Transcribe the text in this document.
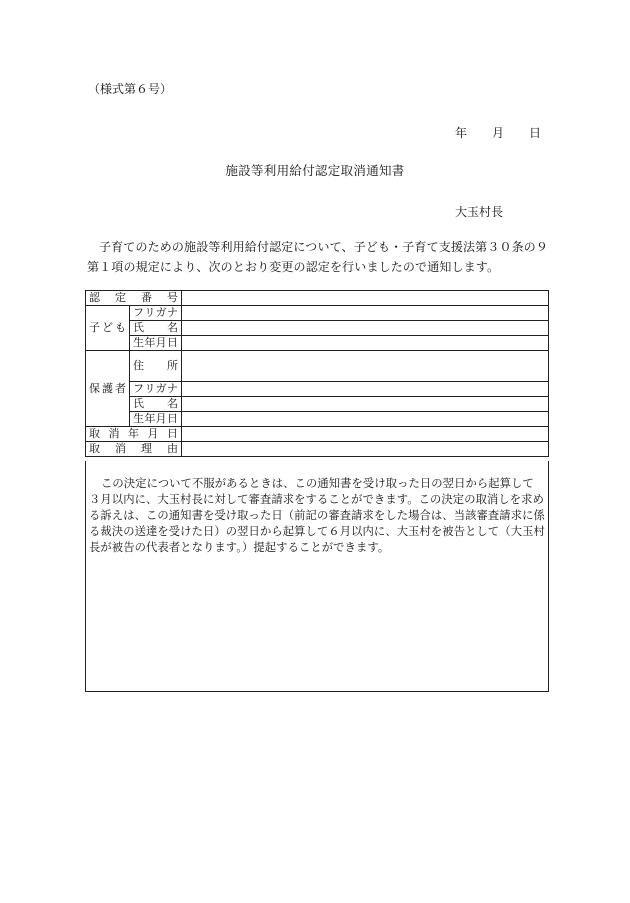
（様式第６号）
年 月 日
施設等利用給付認定取消通知書
大玉村長
子育てのための施設等利用給付認定について、子ども・子育て支援法第３０条の９第１項の規定により、次のとおり変更の認定を行いましたので通知します。
認 定 番 号		

子 ど も	フ リ ガ ナ	

	氏 名	

	生 年 月 日	

保 護 者	住 所	

	フ リ ガ ナ	

	氏 名	

	生 年 月 日	

取 消 年 月 日		

取 消 理 由		

この決定について不服があるときは、この通知書を受け取った日の翌日から起算して３月以内に、大玉村長に対して審査請求をすることができます。この決定の取消しを求める訴えは、この通知書を受け取った日（前記の審査請求をした場合は、当該審査請求に係る裁決の送達を受けた日）の翌日から起算して６月以内に、大玉村を被告として（大玉村長が被告の代表者となります。）提起することができます。
